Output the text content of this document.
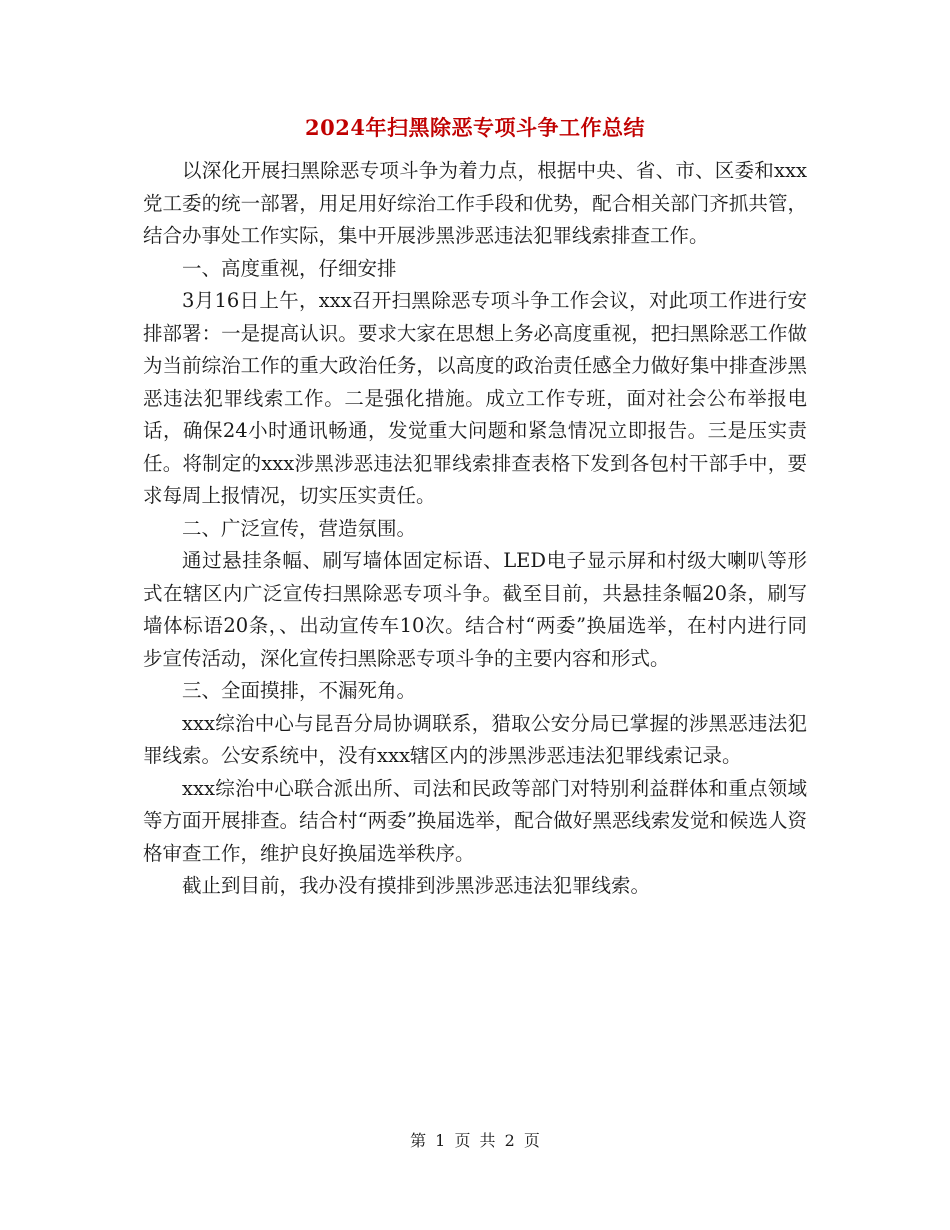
2024年扫黑除恶专项斗争工作总结

以深化开展扫黑除恶专项斗争为着力点，根据中央、省、市、区委和xxx党工委的统一部署，用足用好综治工作手段和优势，配合相关部门齐抓共管，结合办事处工作实际，集中开展涉黑涉恶违法犯罪线索排查工作。

一、高度重视，仔细安排

3月16日上午，xxx召开扫黑除恶专项斗争工作会议，对此项工作进行安排部署：一是提高认识。要求大家在思想上务必高度重视，把扫黑除恶工作做为当前综治工作的重大政治任务，以高度的政治责任感全力做好集中排查涉黑恶违法犯罪线索工作。二是强化措施。成立工作专班，面对社会公布举报电话，确保24小时通讯畅通，发觉重大问题和紧急情况立即报告。三是压实责任。将制定的xxx涉黑涉恶违法犯罪线索排查表格下发到各包村干部手中，要求每周上报情况，切实压实责任。

二、广泛宣传，营造氛围。

通过悬挂条幅、刷写墙体固定标语、LED电子显示屏和村级大喇叭等形式在辖区内广泛宣传扫黑除恶专项斗争。截至目前，共悬挂条幅20条，刷写墙体标语20条，、出动宣传车10次。结合村“两委”换届选举，在村内进行同步宣传活动，深化宣传扫黑除恶专项斗争的主要内容和形式。

三、全面摸排，不漏死角。

xxx综治中心与昆吾分局协调联系，猎取公安分局已掌握的涉黑恶违法犯罪线索。公安系统中，没有xxx辖区内的涉黑涉恶违法犯罪线索记录。

xxx综治中心联合派出所、司法和民政等部门对特别利益群体和重点领域等方面开展排查。结合村“两委”换届选举，配合做好黑恶线索发觉和候选人资格审查工作，维护良好换届选举秩序。

截止到目前，我办没有摸排到涉黑涉恶违法犯罪线索。

第 1 页 共 2 页
